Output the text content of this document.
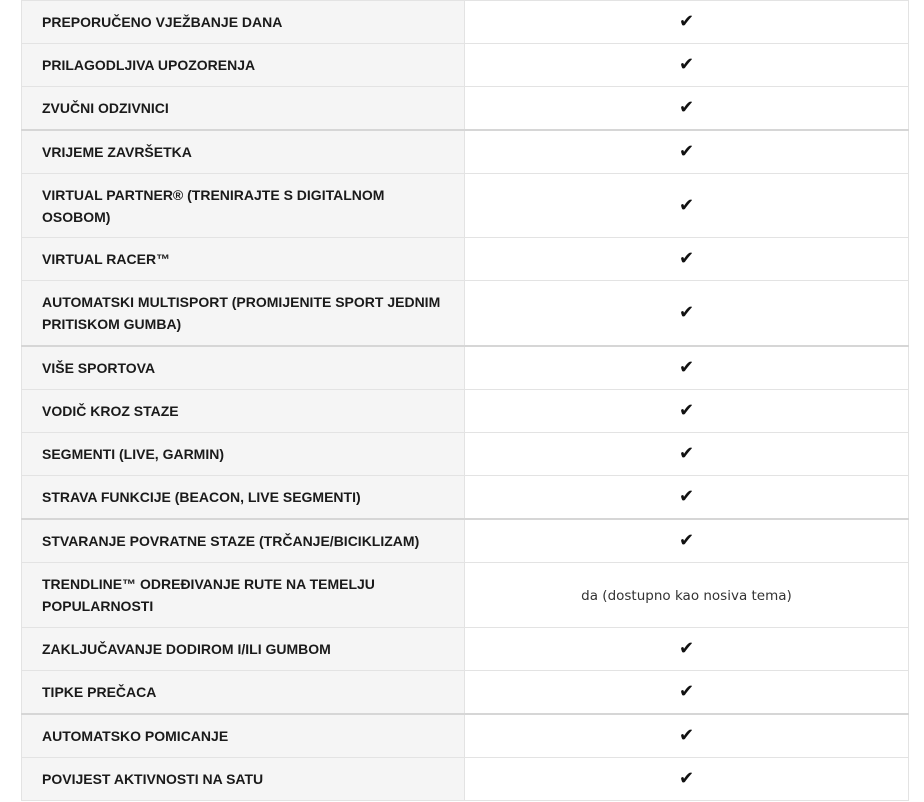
PREPORUČENO VJEŽBANJE DANA	✔
PRILAGODLJIVA UPOZORENJA	✔
ZVUČNI ODZIVNICI	✔
VRIJEME ZAVRŠETKA	✔
VIRTUAL PARTNER® (TRENIRAJTE S DIGITALNOM OSOBOM)	✔
VIRTUAL RACER™	✔
AUTOMATSKI MULTISPORT (PROMIJENITE SPORT JEDNIM PRITISKOM GUMBA)	✔
VIŠE SPORTOVA	✔
VODIČ KROZ STAZE	✔
SEGMENTI (LIVE, GARMIN)	✔
STRAVA FUNKCIJE (BEACON, LIVE SEGMENTI)	✔
STVARANJE POVRATNE STAZE (TRČANJE/BICIKLIZAM)	✔
TRENDLINE™ ODREĐIVANJE RUTE NA TEMELJU POPULARNOSTI	da (dostupno kao nosiva tema)
ZAKLJUČAVANJE DODIROM I/ILI GUMBOM	✔
TIPKE PREČACA	✔
AUTOMATSKO POMICANJE	✔
POVIJEST AKTIVNOSTI NA SATU	✔
